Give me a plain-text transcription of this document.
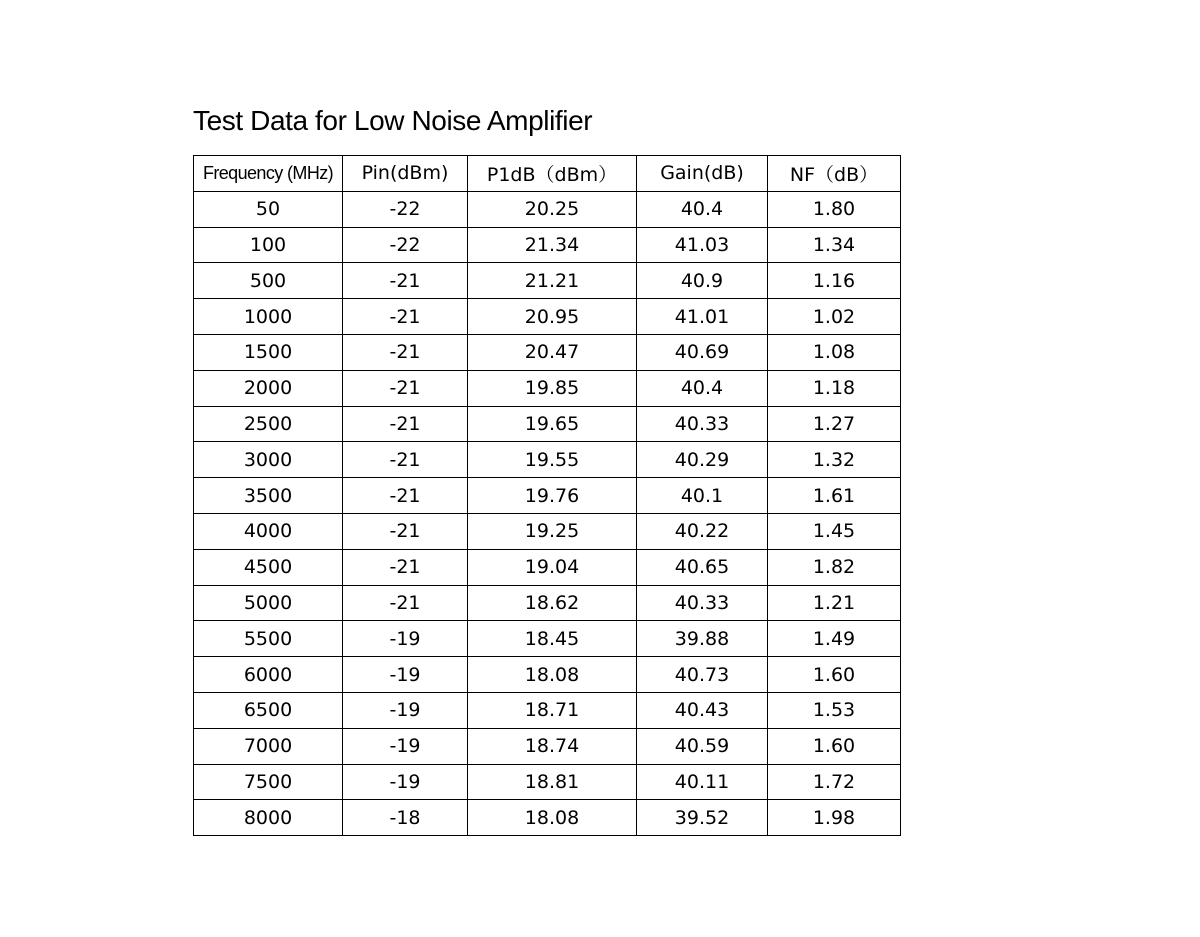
Test Data for Low Noise Amplifier
Frequency (MHz)	Pin(dBm)	P1dB（dBm）	Gain(dB)	NF（dB）
50	-22	20.25	40.4	1.80
100	-22	21.34	41.03	1.34
500	-21	21.21	40.9	1.16
1000	-21	20.95	41.01	1.02
1500	-21	20.47	40.69	1.08
2000	-21	19.85	40.4	1.18
2500	-21	19.65	40.33	1.27
3000	-21	19.55	40.29	1.32
3500	-21	19.76	40.1	1.61
4000	-21	19.25	40.22	1.45
4500	-21	19.04	40.65	1.82
5000	-21	18.62	40.33	1.21
5500	-19	18.45	39.88	1.49
6000	-19	18.08	40.73	1.60
6500	-19	18.71	40.43	1.53
7000	-19	18.74	40.59	1.60
7500	-19	18.81	40.11	1.72
8000	-18	18.08	39.52	1.98
